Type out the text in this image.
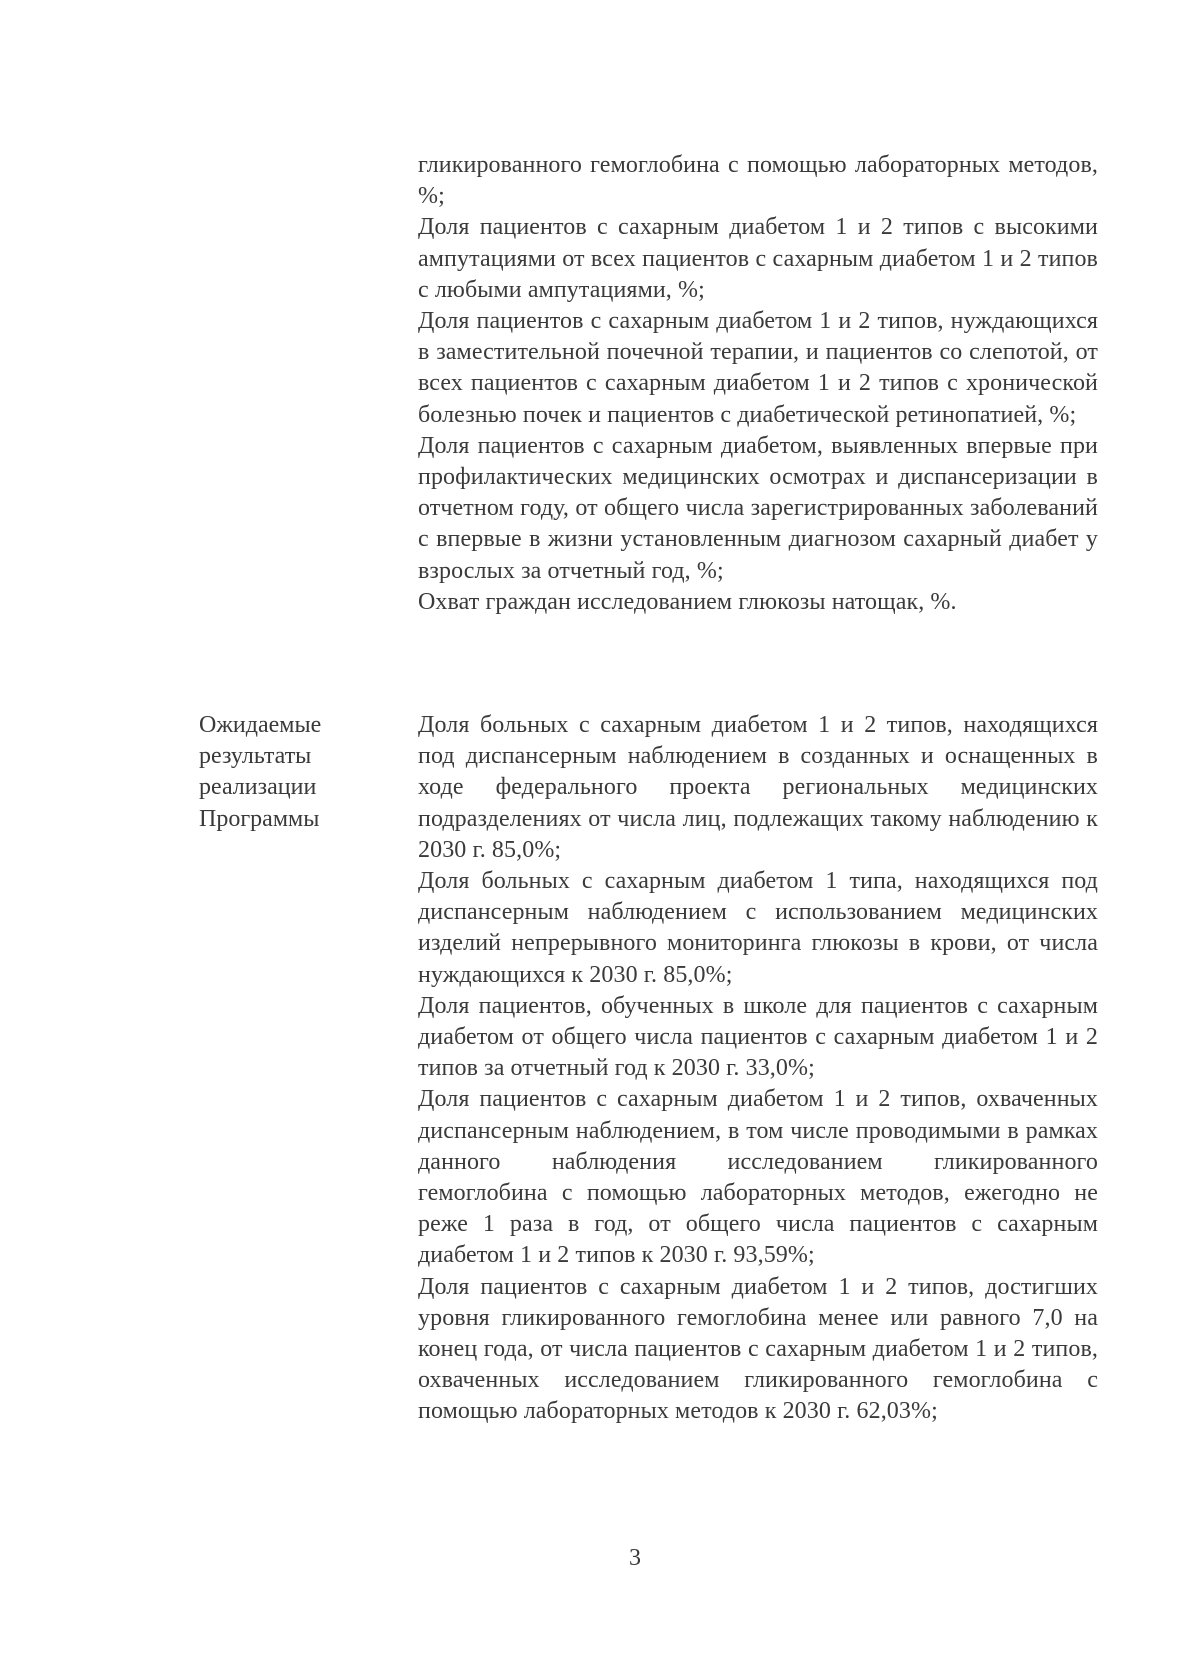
гликированного гемоглобина с помощью лабораторных методов, %;

Доля пациентов с сахарным диабетом 1 и 2 типов с высокими ампутациями от всех пациентов с сахарным диабетом 1 и 2 типов с любыми ампутациями, %;

Доля пациентов с сахарным диабетом 1 и 2 типов, нуждающихся в заместительной почечной терапии, и пациентов со слепотой, от всех пациентов с сахарным диабетом 1 и 2 типов с хронической болезнью почек и пациентов с диабетической ретинопатией, %;

Доля пациентов с сахарным диабетом, выявленных впервые при профилактических медицинских осмотрах и диспансеризации в отчетном году, от общего числа зарегистрированных заболеваний с впервые в жизни установленным диагнозом сахарный диабет у взрослых за отчетный год, %;

Охват граждан исследованием глюкозы натощак, %.

Ожидаемые
результаты
реализации
Программы

Доля больных с сахарным диабетом 1 и 2 типов, находящихся под диспансерным наблюдением в созданных и оснащенных в ходе федерального проекта региональных медицинских подразделениях от числа лиц, подлежащих такому наблюдению к 2030 г. 85,0%;

Доля больных с сахарным диабетом 1 типа, находящихся под диспансерным наблюдением с использованием медицинских изделий непрерывного мониторинга глюкозы в крови, от числа нуждающихся к 2030 г. 85,0%;

Доля пациентов, обученных в школе для пациентов с сахарным диабетом от общего числа пациентов с сахарным диабетом 1 и 2 типов за отчетный год к 2030 г. 33,0%;

Доля пациентов с сахарным диабетом 1 и 2 типов, охваченных диспансерным наблюдением, в том числе проводимыми в рамках данного наблюдения исследованием гликированного гемоглобина с помощью лабораторных методов, ежегодно не реже 1 раза в год, от общего числа пациентов с сахарным диабетом 1 и 2 типов к 2030 г. 93,59%;

Доля пациентов с сахарным диабетом 1 и 2 типов, достигших уровня гликированного гемоглобина менее или равного 7,0 на конец года, от числа пациентов с сахарным диабетом 1 и 2 типов, охваченных исследованием гликированного гемоглобина с помощью лабораторных методов к 2030 г. 62,03%;

3
